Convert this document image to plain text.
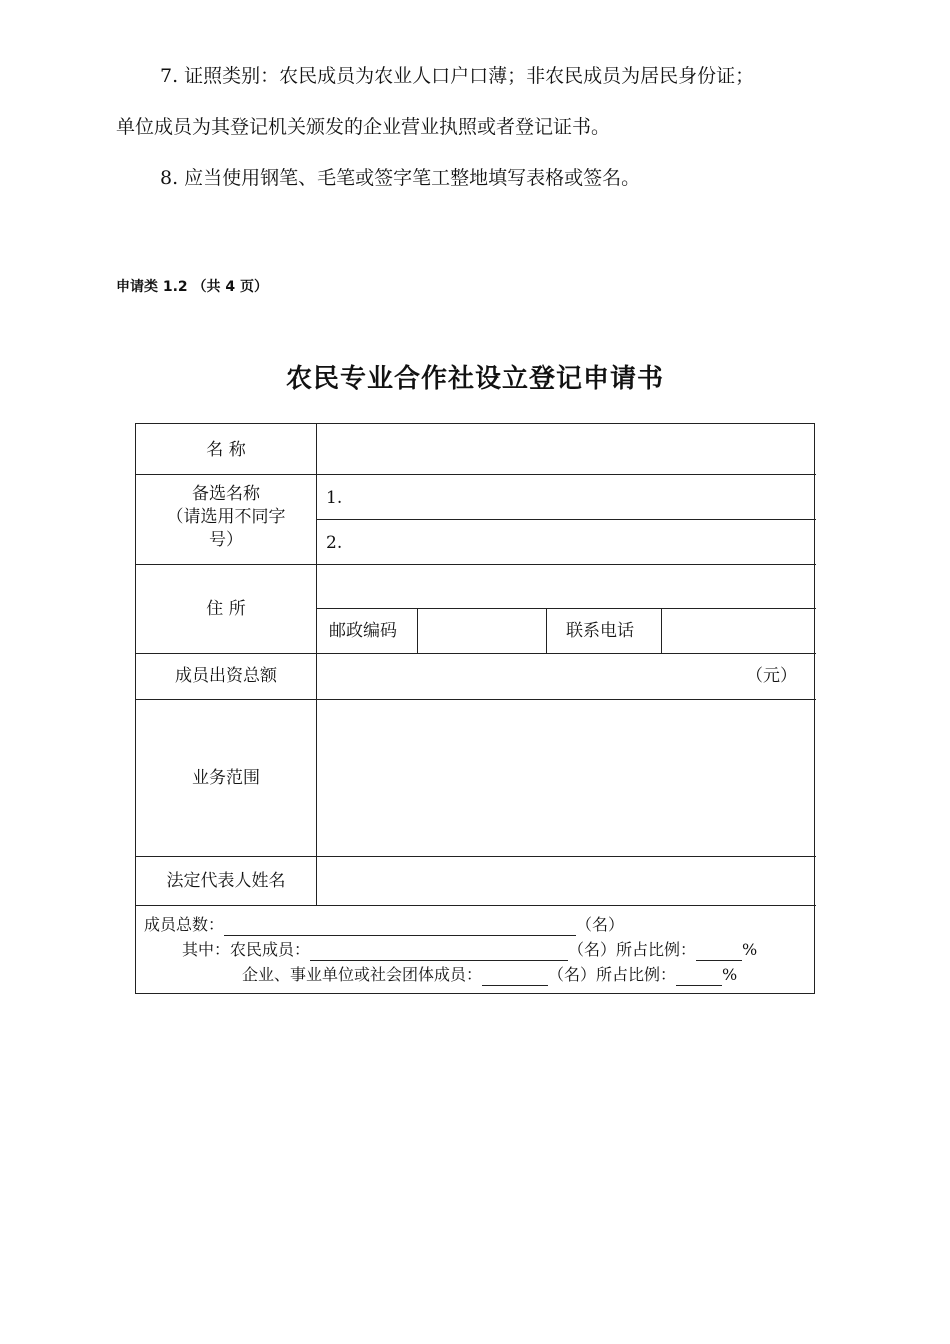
7. 证照类别：农民成员为农业人口户口薄；非农民成员为居民身份证；
单位成员为其登记机关颁发的企业营业执照或者登记证书。
8. 应当使用钢笔、毛笔或签字笔工整地填写表格或签名。
申请类 1.2 （共 4 页）
农民专业合作社设立登记申请书
名 称
备选名称
（请选用不同字
号）
1.
2.
住 所
邮政编码	联系电话
成员出资总额	（元）
业务范围
法定代表人姓名
成员总数：	（名）
其中：农民成员：	（名）所占比例：	%
企业、事业单位或社会团体成员：	（名）所占比例：	%
